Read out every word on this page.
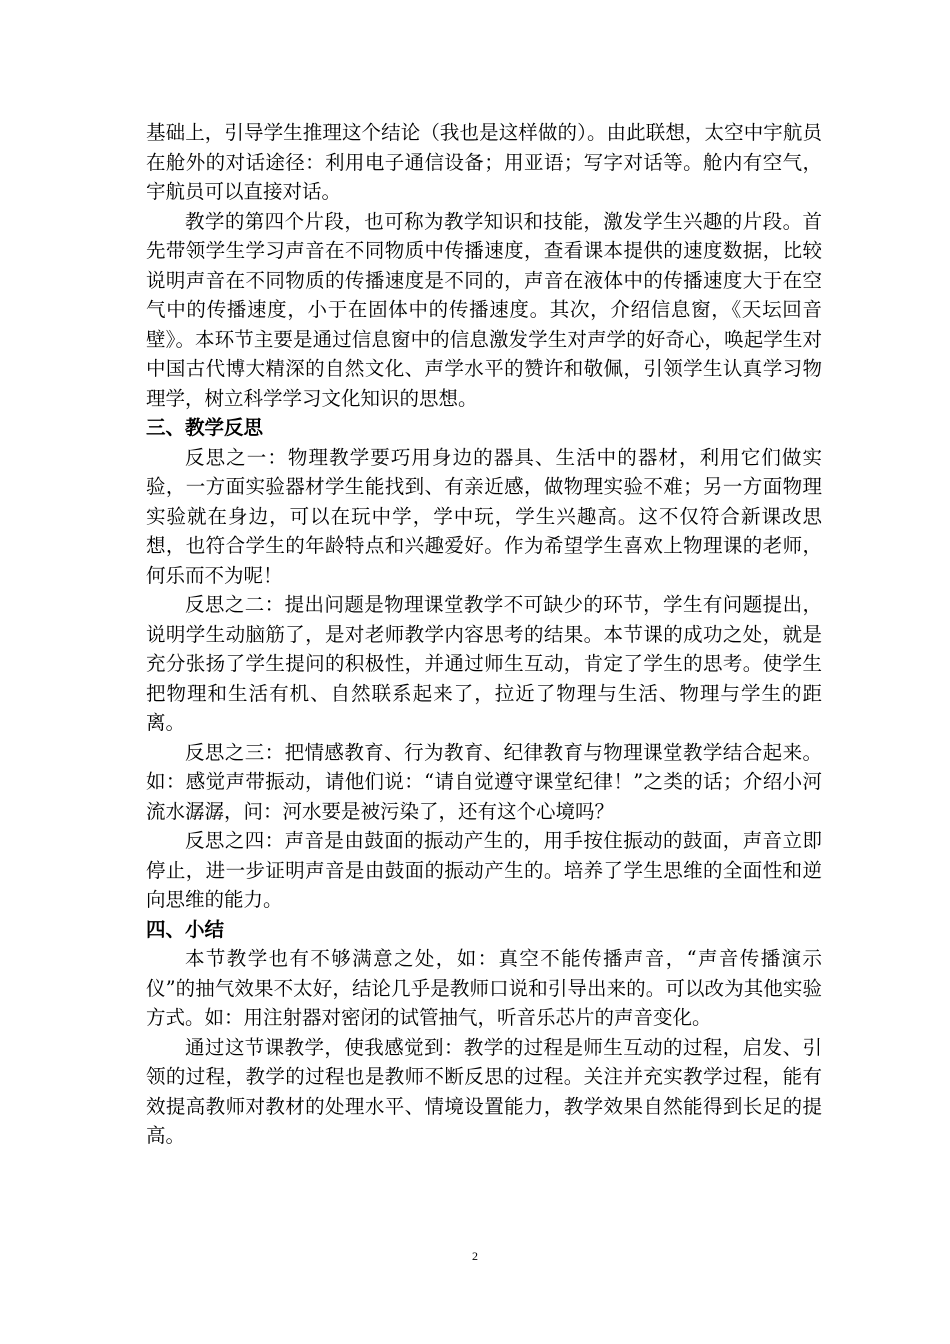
基础上，引导学生推理这个结论（我也是这样做的）。由此联想，太空中宇航员在舱外的对话途径：利用电子通信设备；用亚语；写字对话等。舱内有空气，宇航员可以直接对话。

教学的第四个片段，也可称为教学知识和技能，激发学生兴趣的片段。首先带领学生学习声音在不同物质中传播速度，查看课本提供的速度数据，比较说明声音在不同物质的传播速度是不同的，声音在液体中的传播速度大于在空气中的传播速度，小于在固体中的传播速度。其次，介绍信息窗，《天坛回音壁》。本环节主要是通过信息窗中的信息激发学生对声学的好奇心，唤起学生对中国古代博大精深的自然文化、声学水平的赞许和敬佩，引领学生认真学习物理学，树立科学学习文化知识的思想。

三、教学反思

反思之一：物理教学要巧用身边的器具、生活中的器材，利用它们做实验，一方面实验器材学生能找到、有亲近感，做物理实验不难；另一方面物理实验就在身边，可以在玩中学，学中玩，学生兴趣高。这不仅符合新课改思想，也符合学生的年龄特点和兴趣爱好。作为希望学生喜欢上物理课的老师，何乐而不为呢！

反思之二：提出问题是物理课堂教学不可缺少的环节，学生有问题提出，说明学生动脑筋了，是对老师教学内容思考的结果。本节课的成功之处，就是充分张扬了学生提问的积极性，并通过师生互动，肯定了学生的思考。使学生把物理和生活有机、自然联系起来了，拉近了物理与生活、物理与学生的距离。

反思之三：把情感教育、行为教育、纪律教育与物理课堂教学结合起来。如：感觉声带振动，请他们说：“请自觉遵守课堂纪律！”之类的话；介绍小河流水潺潺，问：河水要是被污染了，还有这个心境吗？

反思之四：声音是由鼓面的振动产生的，用手按住振动的鼓面，声音立即停止，进一步证明声音是由鼓面的振动产生的。培养了学生思维的全面性和逆向思维的能力。

四、小结

本节教学也有不够满意之处，如：真空不能传播声音，“声音传播演示仪”的抽气效果不太好，结论几乎是教师口说和引导出来的。可以改为其他实验方式。如：用注射器对密闭的试管抽气，听音乐芯片的声音变化。

通过这节课教学，使我感觉到：教学的过程是师生互动的过程，启发、引领的过程，教学的过程也是教师不断反思的过程。关注并充实教学过程，能有效提高教师对教材的处理水平、情境设置能力，教学效果自然能得到长足的提高。

2
